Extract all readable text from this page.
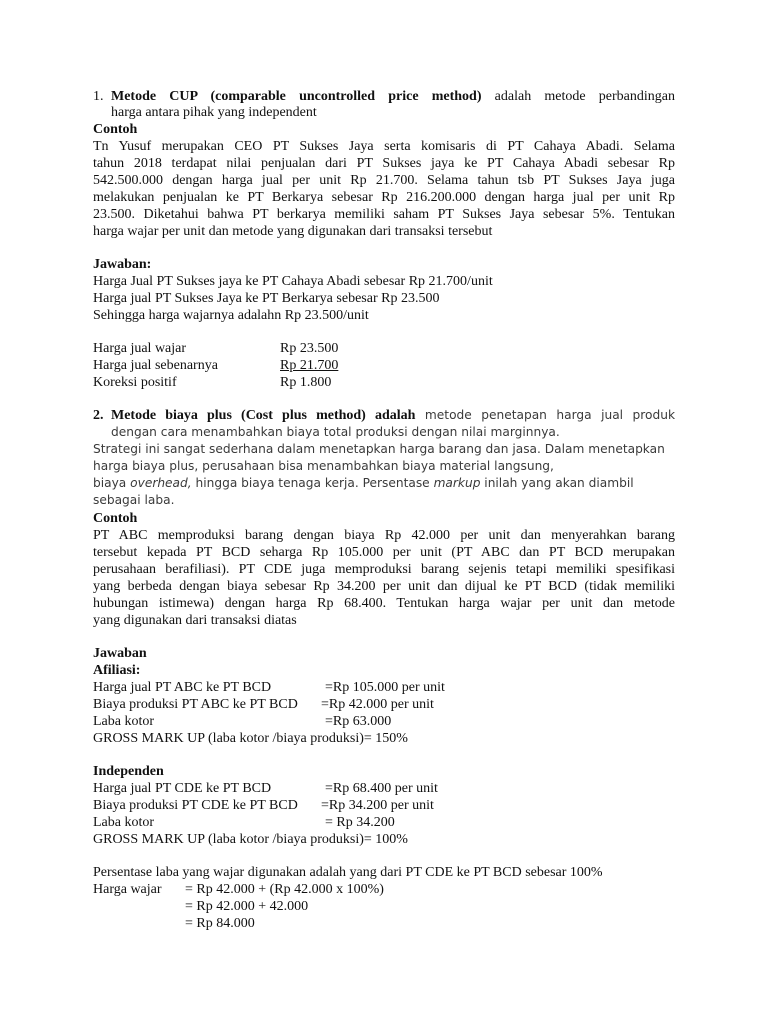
1. Metode CUP (comparable uncontrolled price method) adalah metode perbandingan
harga antara pihak yang independent
Contoh
Tn Yusuf merupakan CEO PT Sukses Jaya serta komisaris di PT Cahaya Abadi. Selama
tahun 2018 terdapat nilai penjualan dari PT Sukses jaya ke PT Cahaya Abadi sebesar Rp
542.500.000 dengan harga jual per unit Rp 21.700. Selama tahun tsb PT Sukses Jaya juga
melakukan penjualan ke PT Berkarya sebesar Rp 216.200.000 dengan harga jual per unit Rp
23.500. Diketahui bahwa PT berkarya memiliki saham PT Sukses Jaya sebesar 5%. Tentukan
harga wajar per unit dan metode yang digunakan dari transaksi tersebut
Jawaban:
Harga Jual PT Sukses jaya ke PT Cahaya Abadi sebesar Rp 21.700/unit
Harga jual PT Sukses Jaya ke PT Berkarya sebesar Rp 23.500
Sehingga harga wajarnya adalahn Rp 23.500/unit
Harga jual wajar	Rp 23.500
Harga jual sebenarnya	Rp 21.700
Koreksi positif	Rp 1.800
2. Metode biaya plus (Cost plus method) adalah metode penetapan harga jual produk
dengan cara menambahkan biaya total produksi dengan nilai marginnya.
Strategi ini sangat sederhana dalam menetapkan harga barang dan jasa. Dalam menetapkan
harga biaya plus, perusahaan bisa menambahkan biaya material langsung,
biaya overhead, hingga biaya tenaga kerja. Persentase markup inilah yang akan diambil
sebagai laba.
Contoh
PT ABC memproduksi barang dengan biaya Rp 42.000 per unit dan menyerahkan barang
tersebut kepada PT BCD seharga Rp 105.000 per unit (PT ABC dan PT BCD merupakan
perusahaan berafiliasi). PT CDE juga memproduksi barang sejenis tetapi memiliki spesifikasi
yang berbeda dengan biaya sebesar Rp 34.200 per unit dan dijual ke PT BCD (tidak memiliki
hubungan istimewa) dengan harga Rp 68.400. Tentukan harga wajar per unit dan metode
yang digunakan dari transaksi diatas
Jawaban
Afiliasi:
Harga jual PT ABC ke PT BCD	=Rp 105.000 per unit
Biaya produksi PT ABC ke PT BCD =Rp 42.000 per unit
Laba kotor	=Rp 63.000
GROSS MARK UP (laba kotor /biaya produksi)= 150%
Independen
Harga jual PT CDE ke PT BCD	=Rp 68.400 per unit
Biaya produksi PT CDE ke PT BCD =Rp 34.200 per unit
Laba kotor	= Rp 34.200
GROSS MARK UP (laba kotor /biaya produksi)= 100%
Persentase laba yang wajar digunakan adalah yang dari PT CDE ke PT BCD sebesar 100%
Harga wajar = Rp 42.000 + (Rp 42.000 x 100%)
= Rp 42.000 + 42.000
= Rp 84.000
